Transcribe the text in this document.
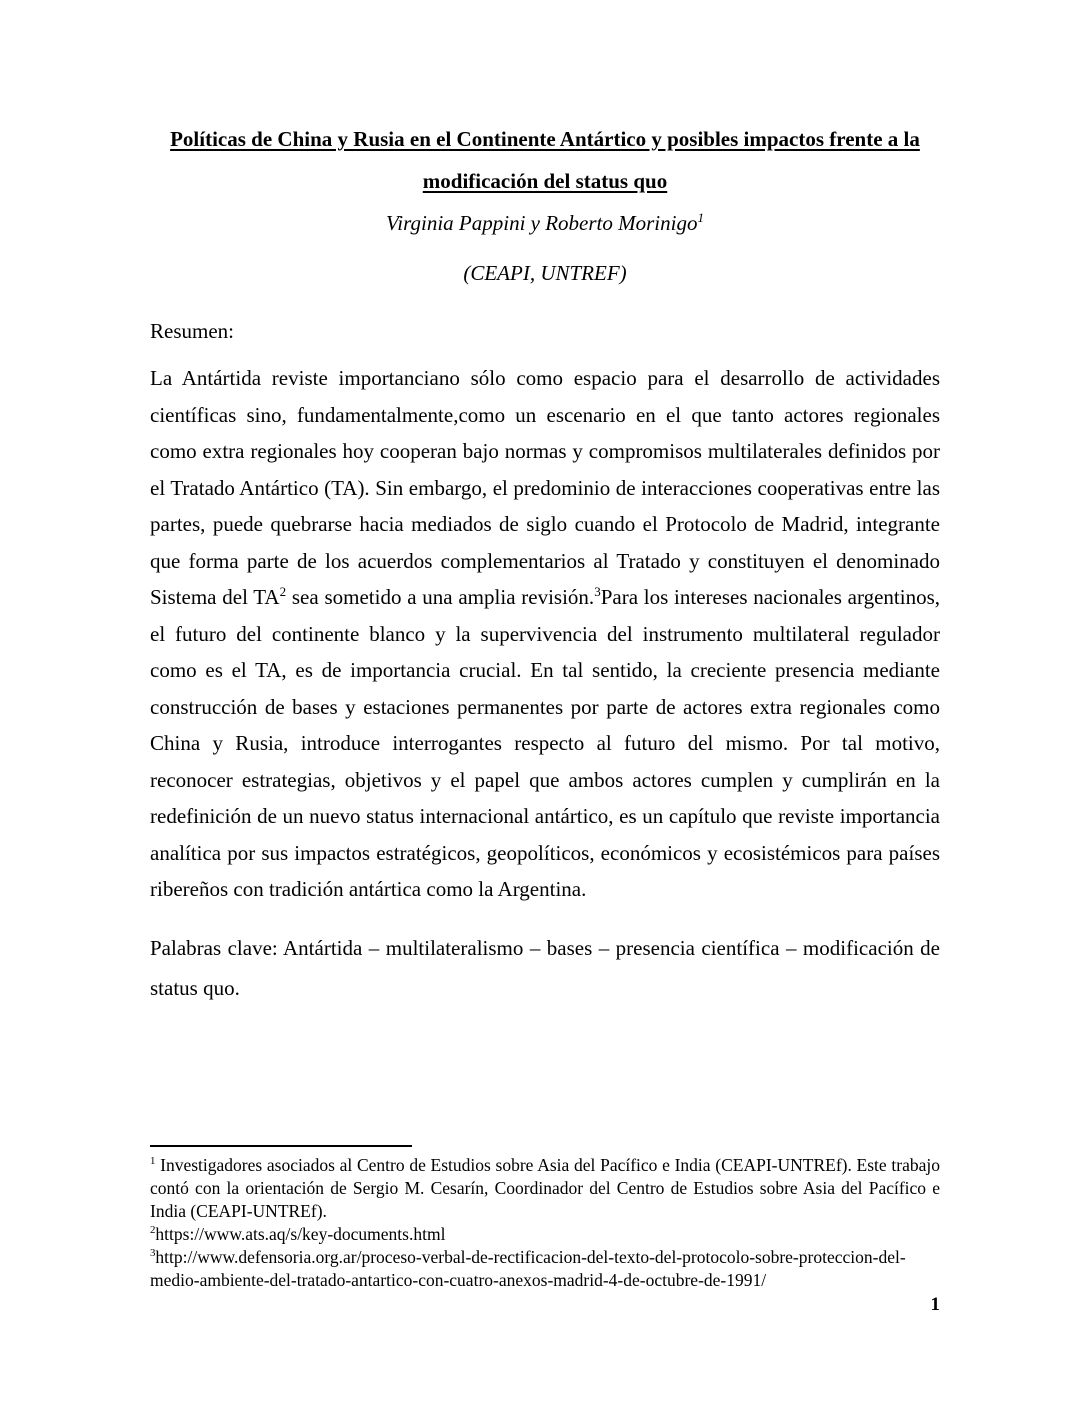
Políticas de China y Rusia en el Continente Antártico y posibles impactos frente a la modificación del status quo

Virginia Pappini y Roberto Morinigo$^1$

(CEAPI, UNTREF)

Resumen:

La Antártida reviste importanciano sólo como espacio para el desarrollo de actividades científicas sino, fundamentalmente,como un escenario en el que tanto actores regionales como extra regionales hoy cooperan bajo normas y compromisos multilaterales definidos por el Tratado Antártico (TA). Sin embargo, el predominio de interacciones cooperativas entre las partes, puede quebrarse hacia mediados de siglo cuando el Protocolo de Madrid, integrante que forma parte de los acuerdos complementarios al Tratado y constituyen el denominado Sistema del $TA^2$ sea sometido a una amplia revisión.$^3$Para los intereses nacionales argentinos, el futuro del continente blanco y la supervivencia del instrumento multilateral regulador como es el TA, es de importancia crucial. En tal sentido, la creciente presencia mediante construcción de bases y estaciones permanentes por parte de actores extra regionales como China y Rusia, introduce interrogantes respecto al futuro del mismo. Por tal motivo, reconocer estrategias, objetivos y el papel que ambos actores cumplen y cumplirán en la redefinición de un nuevo status internacional antártico, es un capítulo que reviste importancia analítica por sus impactos estratégicos, geopolíticos, económicos y ecosistémicos para países ribereños con tradición antártica como la Argentina.

Palabras clave: Antártida – multilateralismo – bases – presencia científica – modificación de status quo.

$^1$ Investigadores asociados al Centro de Estudios sobre Asia del Pacífico e India (CEAPI-UNTREf). Este trabajo contó con la orientación de Sergio M. Cesarín, Coordinador del Centro de Estudios sobre Asia del Pacífico e India (CEAPI-UNTREf).

$^2$https://www.ats.aq/s/key-documents.html

$^3$http://www.defensoria.org.ar/proceso-verbal-de-rectificacion-del-texto-del-protocolo-sobre-proteccion-del-medio-ambiente-del-tratado-antartico-con-cuatro-anexos-madrid-4-de-octubre-de-1991/

1
